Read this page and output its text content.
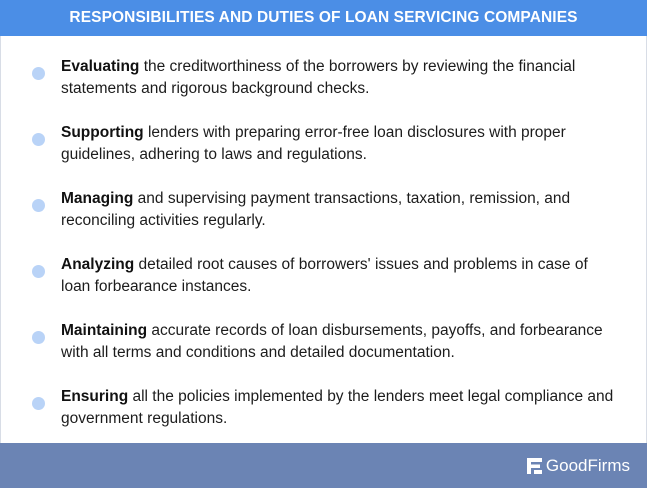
RESPONSIBILITIES AND DUTIES OF LOAN SERVICING COMPANIES
Evaluating the creditworthiness of the borrowers by reviewing the financial statements and rigorous background checks.
Supporting lenders with preparing error-free loan disclosures with proper guidelines, adhering to laws and regulations.
Managing and supervising payment transactions, taxation, remission, and reconciling activities regularly.
Analyzing detailed root causes of borrowers' issues and problems in case of loan forbearance instances.
Maintaining accurate records of loan disbursements, payoffs, and forbearance with all terms and conditions and detailed documentation.
Ensuring all the policies implemented by the lenders meet legal compliance and government regulations.
GoodFirms
